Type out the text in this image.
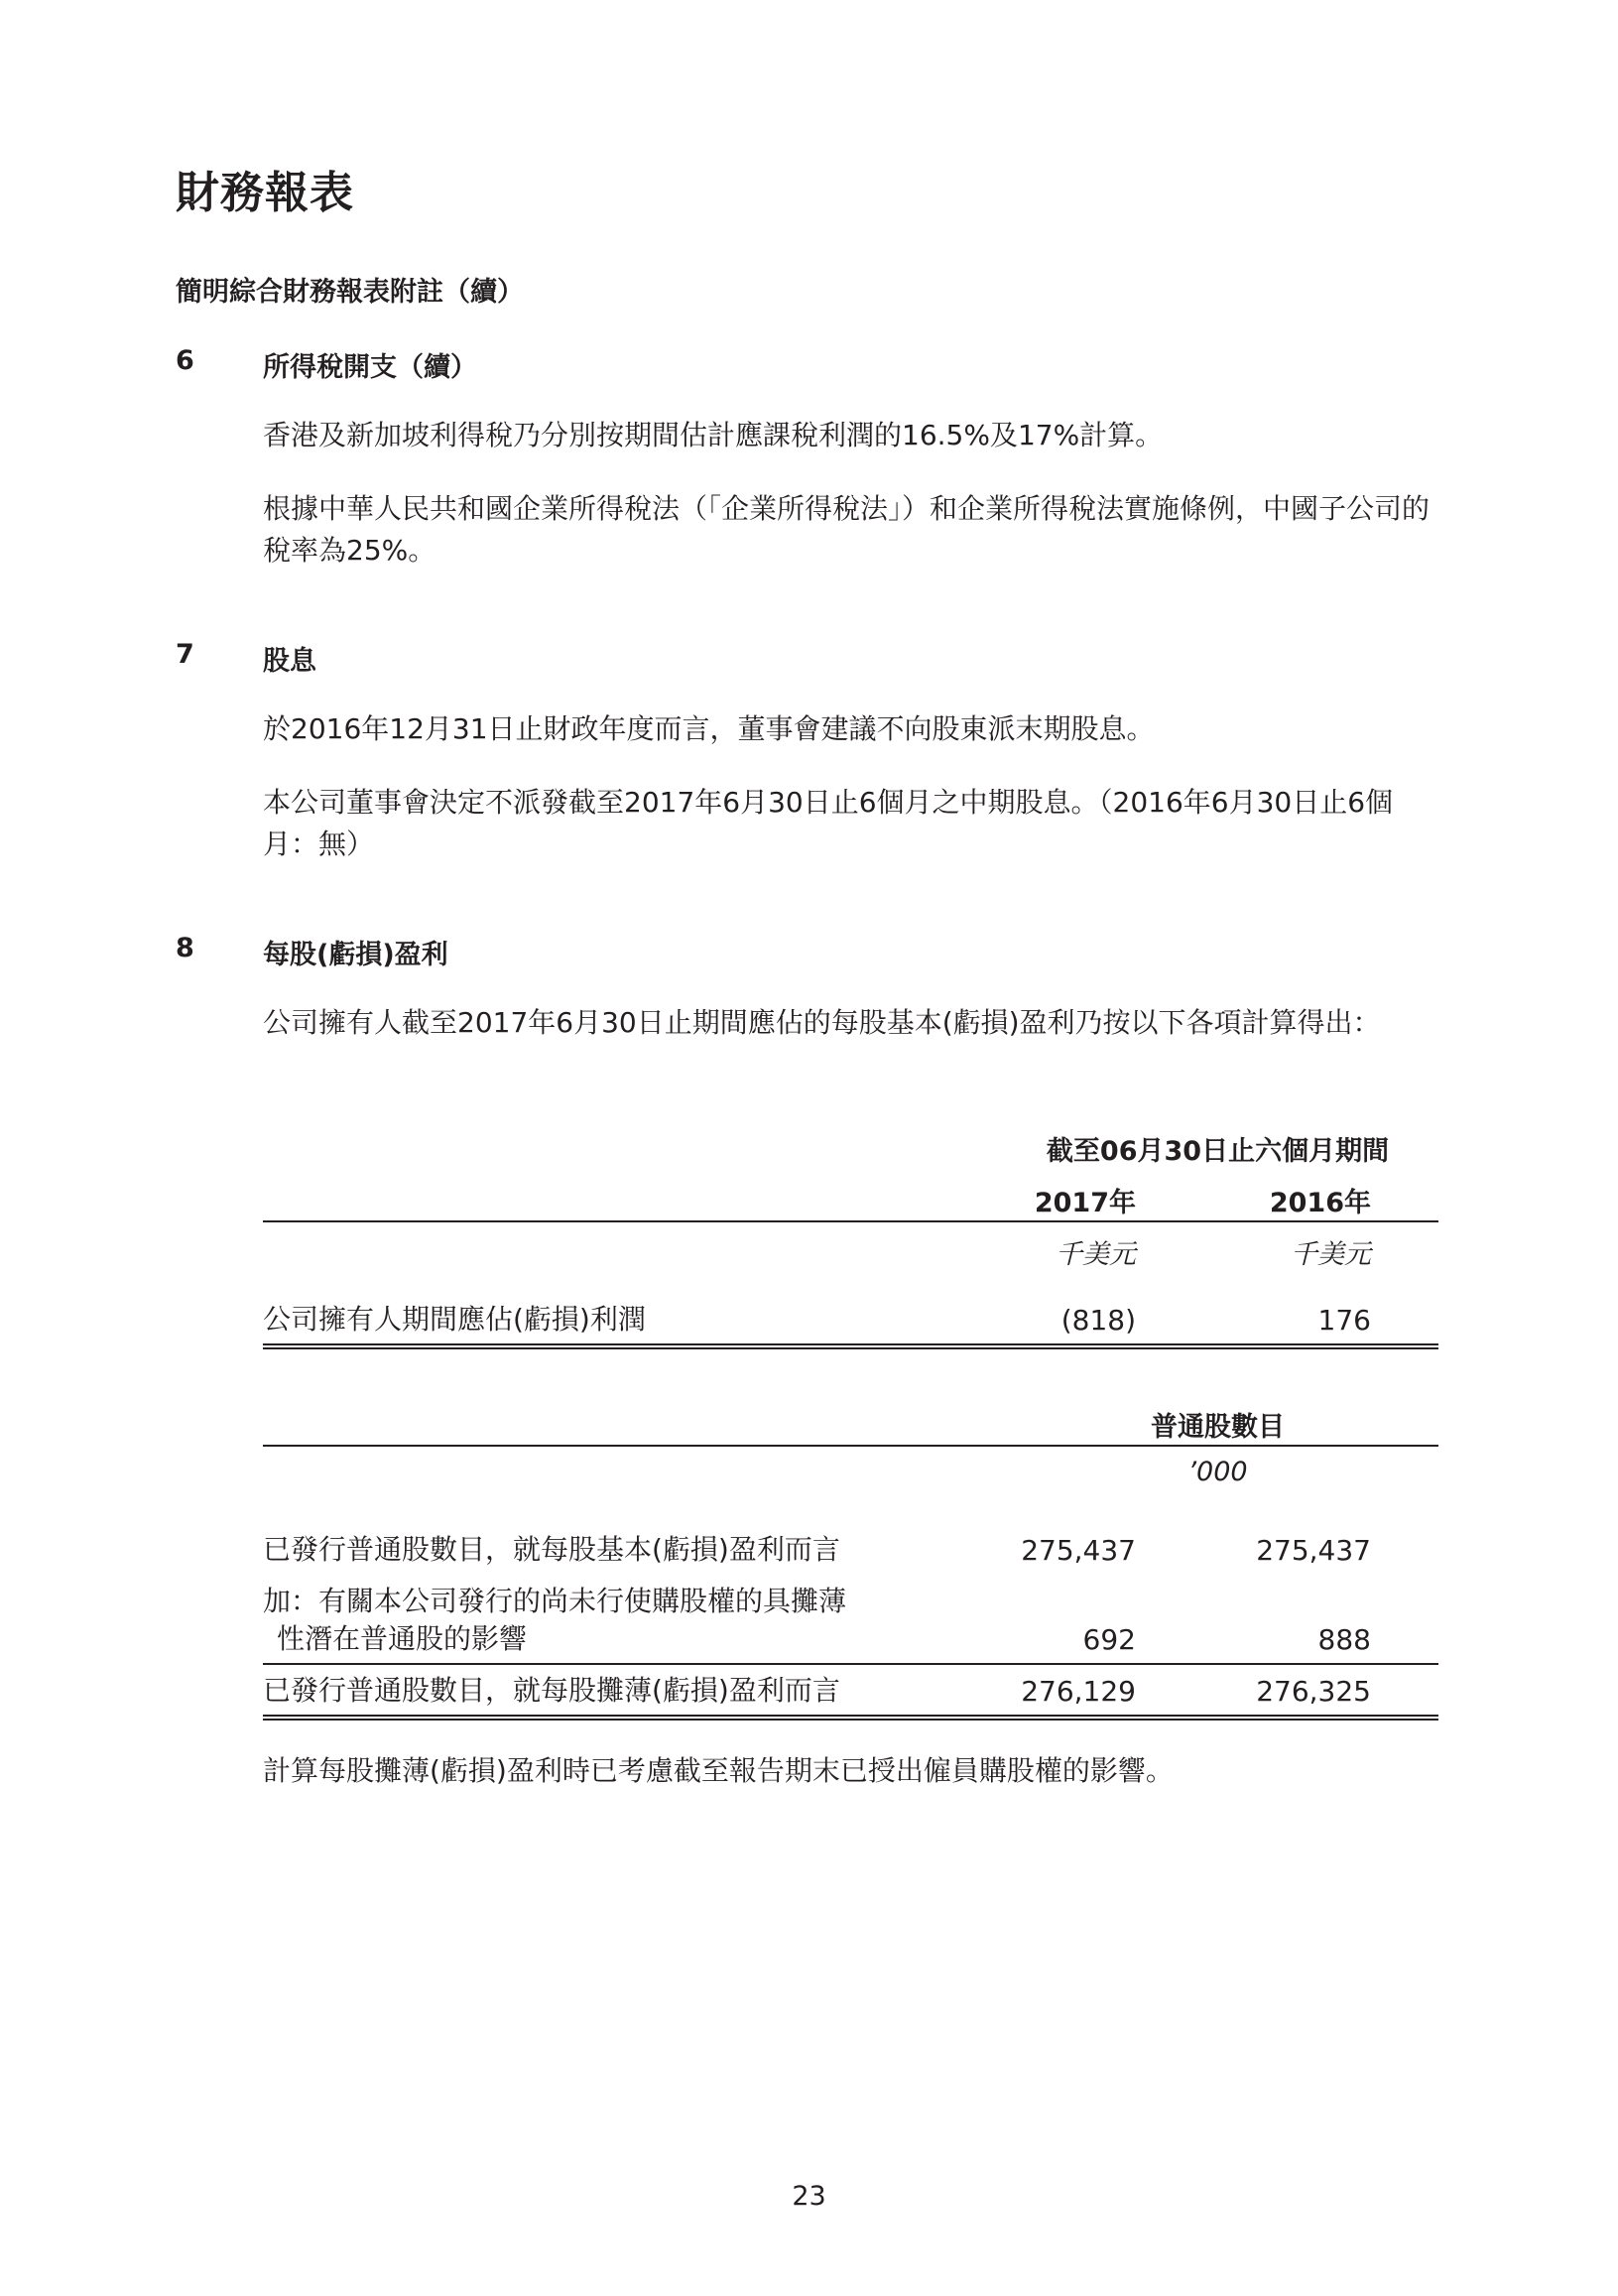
財務報表
簡明綜合財務報表附註（續）
6	所得稅開支（續）
香港及新加坡利得稅乃分別按期間估計應課稅利潤的16.5%及17%計算。
根據中華人民共和國企業所得稅法（「企業所得稅法」）和企業所得稅法實施條例，中國子公司的稅率為25%。
7	股息
於2016年12月31日止財政年度而言，董事會建議不向股東派末期股息。
本公司董事會決定不派發截至2017年6月30日止6個月之中期股息。（2016年6月30日止6個月：無）
8	每股(虧損)盈利
公司擁有人截至2017年6月30日止期間應佔的每股基本(虧損)盈利乃按以下各項計算得出：
截至06月30日止六個月期間
2017年	2016年
千美元	千美元
公司擁有人期間應佔(虧損)利潤	(818)	176
普通股數目
’000
已發行普通股數目，就每股基本(虧損)盈利而言	275,437	275,437
加：有關本公司發行的尚未行使購股權的具攤薄
性潛在普通股的影響	692	888
已發行普通股數目，就每股攤薄(虧損)盈利而言	276,129	276,325
計算每股攤薄(虧損)盈利時已考慮截至報告期末已授出僱員購股權的影響。
23
